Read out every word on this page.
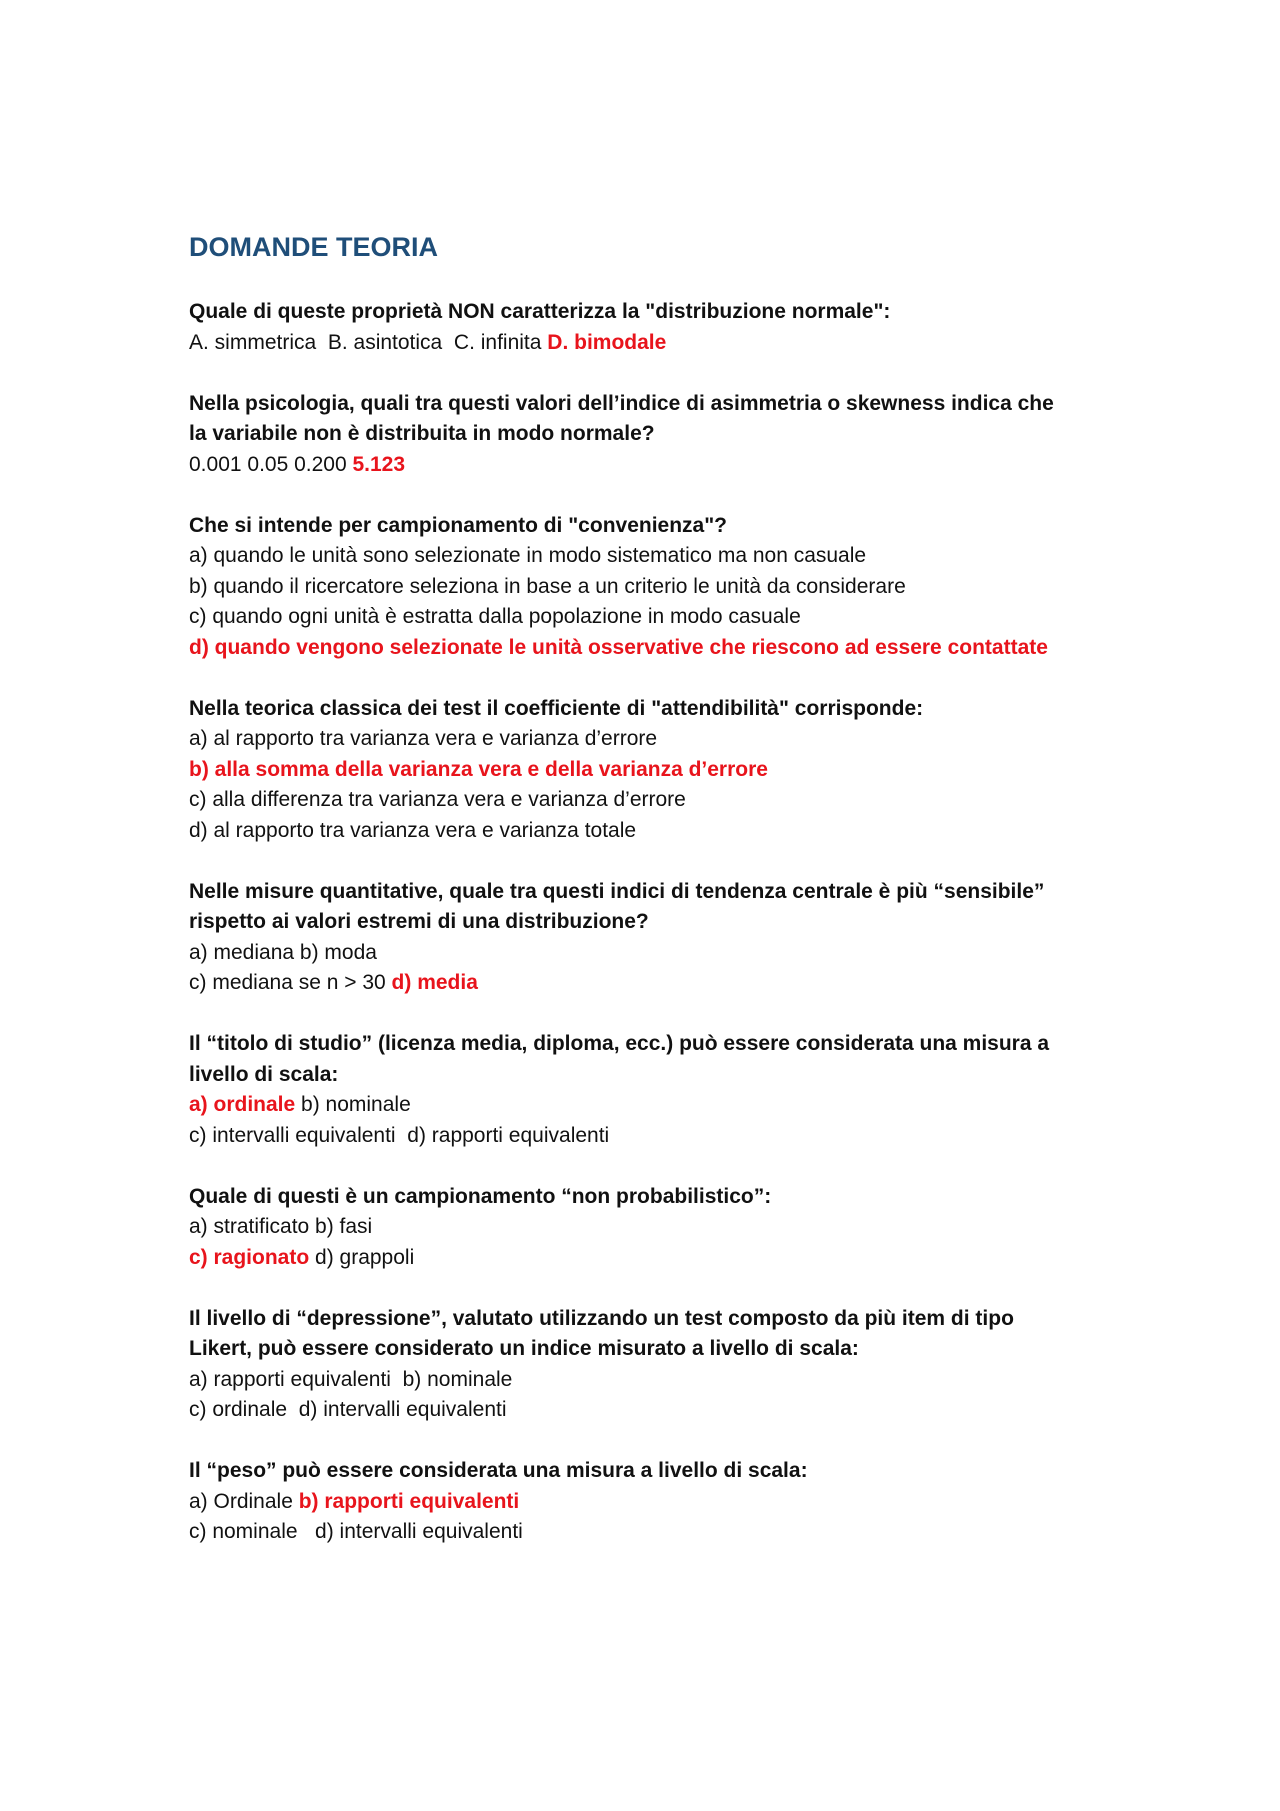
DOMANDE TEORIA
Quale di queste proprietà NON caratterizza la "distribuzione normale":
A. simmetrica  B. asintotica  C. infinita D. bimodale
Nella psicologia, quali tra questi valori dell’indice di asimmetria o skewness indica che la variabile non è distribuita in modo normale?
0.001 0.05 0.200 5.123
Che si intende per campionamento di "convenienza"?
a) quando le unità sono selezionate in modo sistematico ma non casuale
b) quando il ricercatore seleziona in base a un criterio le unità da considerare
c) quando ogni unità è estratta dalla popolazione in modo casuale
d) quando vengono selezionate le unità osservative che riescono ad essere contattate
Nella teorica classica dei test il coefficiente di "attendibilità" corrisponde:
a) al rapporto tra varianza vera e varianza d’errore
b) alla somma della varianza vera e della varianza d’errore
c) alla differenza tra varianza vera e varianza d’errore
d) al rapporto tra varianza vera e varianza totale
Nelle misure quantitative, quale tra questi indici di tendenza centrale è più “sensibile” rispetto ai valori estremi di una distribuzione?
a) mediana b) moda
c) mediana se n > 30 d) media
Il “titolo di studio” (licenza media, diploma, ecc.) può essere considerata una misura a livello di scala:
a) ordinale b) nominale
c) intervalli equivalenti  d) rapporti equivalenti
Quale di questi è un campionamento “non probabilistico”:
a) stratificato b) fasi
c) ragionato d) grappoli
Il livello di “depressione”, valutato utilizzando un test composto da più item di tipo Likert, può essere considerato un indice misurato a livello di scala:
a) rapporti equivalenti  b) nominale
c) ordinale  d) intervalli equivalenti
Il “peso” può essere considerata una misura a livello di scala:
a) Ordinale b) rapporti equivalenti
c) nominale   d) intervalli equivalenti
